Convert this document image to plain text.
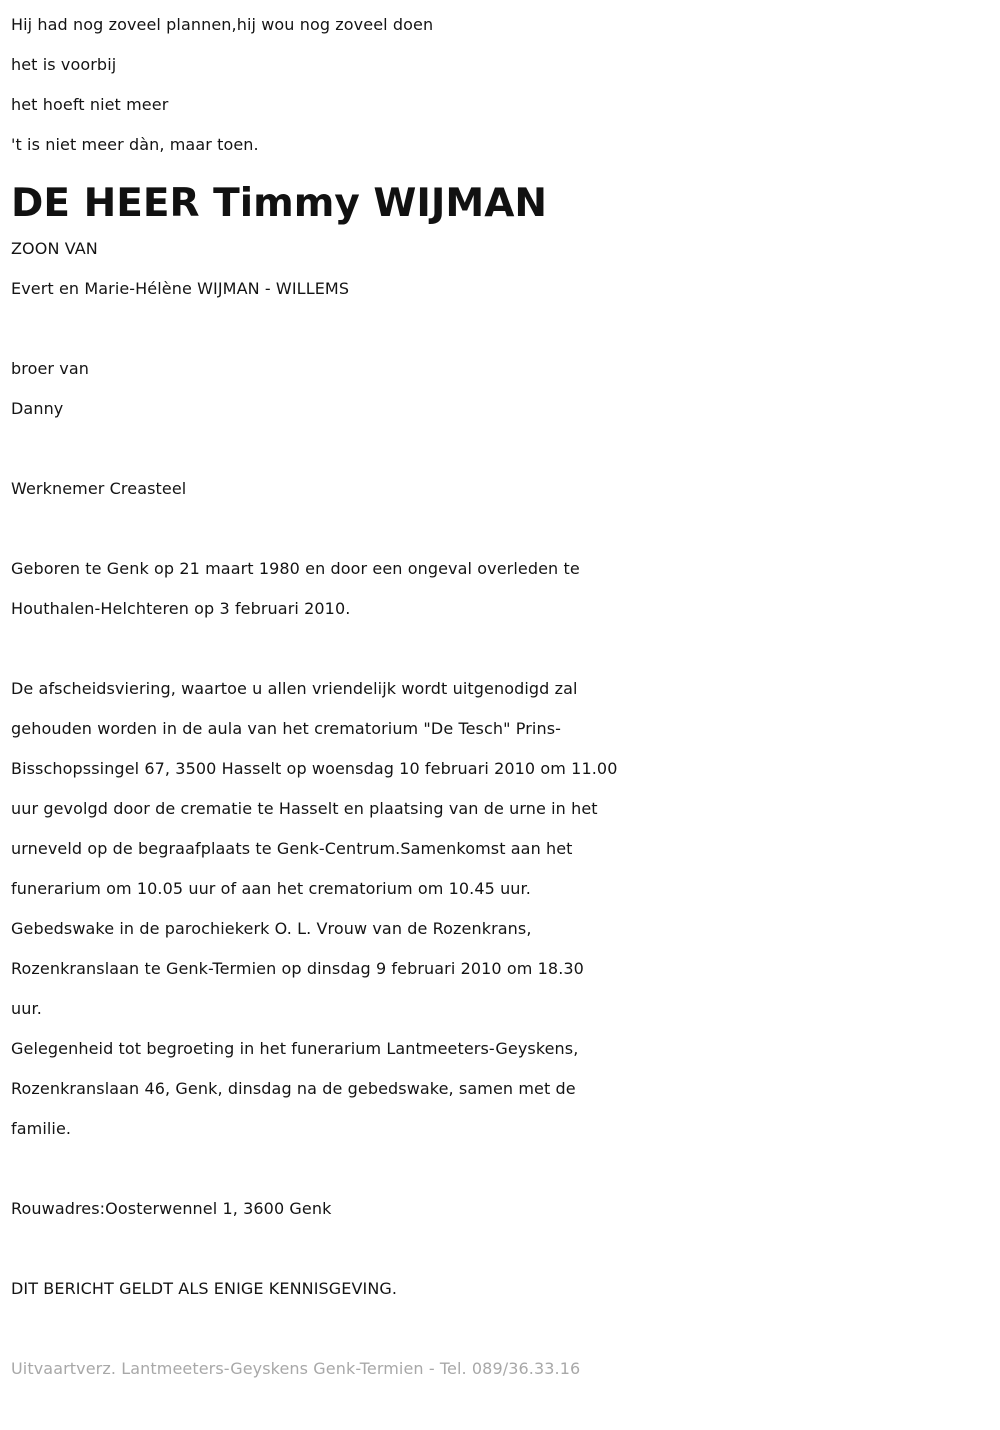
Hij had nog zoveel plannen,hij wou nog zoveel doen

het is voorbij

het hoeft niet meer

't is niet meer dàn, maar toen.

DE HEER Timmy WIJMAN

ZOON VAN

Evert en Marie-Hélène WIJMAN - WILLEMS

broer van

Danny

Werknemer Creasteel

Geboren te Genk op 21 maart 1980 en door een ongeval overleden te

Houthalen-Helchteren op 3 februari 2010.

De afscheidsviering, waartoe u allen vriendelijk wordt uitgenodigd zal

gehouden worden in de aula van het crematorium "De Tesch" Prins-

Bisschopssingel 67, 3500 Hasselt op woensdag 10 februari 2010 om 11.00

uur gevolgd door de crematie te Hasselt en plaatsing van de urne in het

urneveld op de begraafplaats te Genk-Centrum.Samenkomst aan het

funerarium om 10.05 uur of aan het crematorium om 10.45 uur.

Gebedswake in de parochiekerk O. L. Vrouw van de Rozenkrans,

Rozenkranslaan te Genk-Termien op dinsdag 9 februari 2010 om 18.30

uur.

Gelegenheid tot begroeting in het funerarium Lantmeeters-Geyskens,

Rozenkranslaan 46, Genk, dinsdag na de gebedswake, samen met de

familie.

Rouwadres:Oosterwennel 1, 3600 Genk

DIT BERICHT GELDT ALS ENIGE KENNISGEVING.

Uitvaartverz. Lantmeeters-Geyskens Genk-Termien - Tel. 089/36.33.16
